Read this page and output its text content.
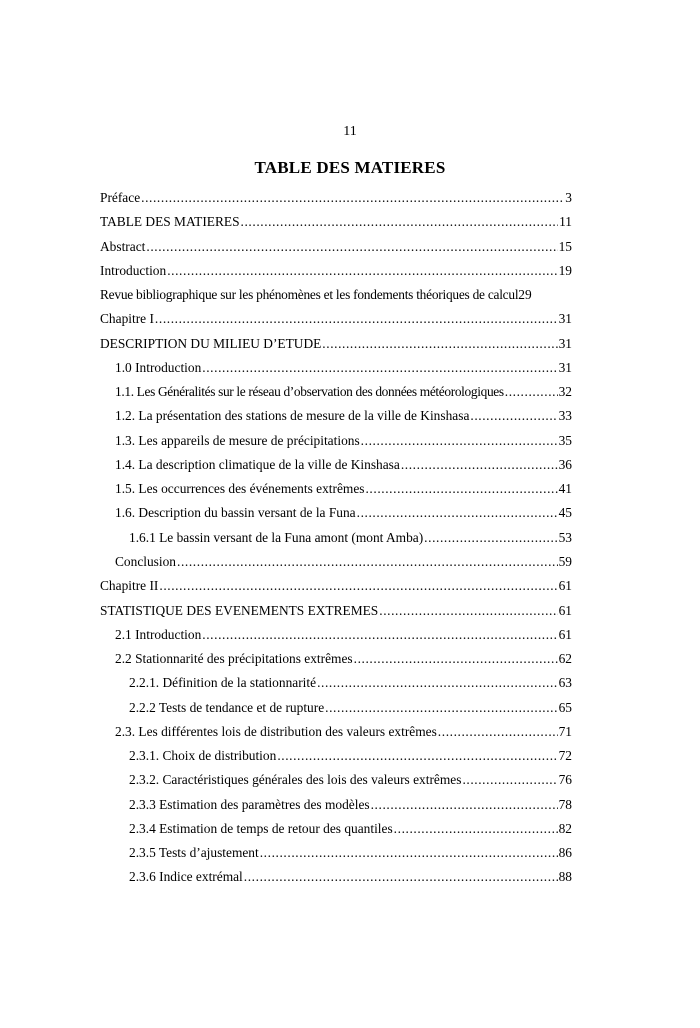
11
TABLE DES MATIERES
Préface .....	3
TABLE DES MATIERES .....	11
Abstract .....	15
Introduction .....	19
Revue bibliographique sur les phénomènes et les fondements théoriques de calcul 29
Chapitre I .....	31
DESCRIPTION DU MILIEU D’ETUDE .....	31
1.0 Introduction .....	31
1.1. Les Généralités sur le réseau d’observation des données météorologiques .....	32
1.2. La présentation des stations de mesure de la ville de Kinshasa .....	33
1.3. Les appareils de mesure de précipitations .....	35
1.4. La description climatique de la ville de Kinshasa .....	36
1.5. Les occurrences des événements extrêmes .....	41
1.6. Description du bassin versant de la Funa .....	45
1.6.1 Le bassin versant de la Funa amont (mont Amba) .....	53
Conclusion .....	59
Chapitre II .....	61
STATISTIQUE DES EVENEMENTS EXTREMES .....	61
2.1 Introduction .....	61
2.2 Stationnarité des précipitations extrêmes .....	62
2.2.1. Définition de la stationnarité .....	63
2.2.2 Tests de tendance et de rupture .....	65
2.3. Les différentes lois de distribution des valeurs extrêmes .....	71
2.3.1. Choix de distribution .....	72
2.3.2. Caractéristiques générales des lois des valeurs extrêmes .....	76
2.3.3 Estimation des paramètres des modèles .....	78
2.3.4 Estimation de temps de retour des quantiles .....	82
2.3.5 Tests d’ajustement .....	86
2.3.6 Indice extrémal .....	88
